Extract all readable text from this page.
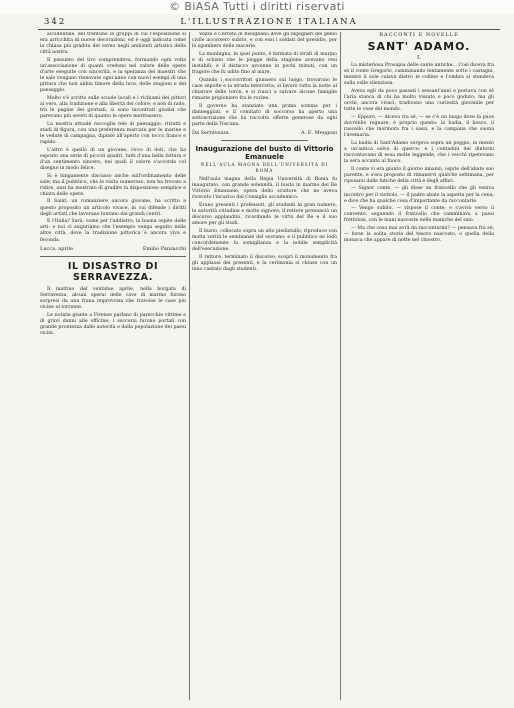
© BiASA Tutti i diritti riservati
342	L'ILLUSTRAZIONE ITALIANA

accidentale, del trentuno in gruppi in cui l'esposizione si era arricchita di nuove decorazioni, ed è oggi indicata come la chiusa più gradita del verno negli ambienti artistici della città nostra.

Il pensiero del tiro comprendeva, formando ogni volta un'associazione di quanti credono nel valore delle opere d'arte eseguite con sincerità, e la speranza dei maestri che le sale vengano rinnovate ogni anno con nuovi esempi di una pittura che non abbia timore della luce, delle stagioni e del paesaggio.

Molto s'è scritto sulle scuole locali e i richiami dei pittori al vero, alla tradizione e alla libertà del colore; e non di rado, tra le pagine dei giornali, si sono incontrati giudizi che parevano più severi di quanto le opere meritassero.

La mostra attuale raccoglie tele di paesaggio, ritratti e studi di figura, con una preferenza marcata per le marine e le vedute di campagna, dipinte all'aperto con tocco franco e rapido.

L'altro è quello di un giovane, ricco di doti, che ha esposto una serie di piccoli quadri, tutti d'una bella fattura e d'un sentimento sincero, nei quali il colore s'accorda col disegno in modo felice.

Si è lungamente discusso anche sull'ordinamento delle sale; ma il pubblico, che le visita numeroso, non ha trovato a ridire, anzi ha mostrato di gradire la disposizione semplice e chiara delle opere.

Il Saint, un romanziere ancora giovane, ha scritto a questo proposito un articolo vivace, in cui difende i diritti degli artisti che lavorano lontano dai grandi centri.

E l'Italia? Sarà, come per l'addietro, la buona ospite delle arti: e noi ci auguriamo che l'esempio venga seguito nelle altre città, dove la tradizione pittorica è ancora viva e feconda.

Lucca, aprile	Emilio Panzacchi
IL DISASTRO DI SERRAVEZZA.

Il mattino del ventidue aprile, nella borgata di Serravezza, alcuni operai delle cave di marmo furono sorpresi da una frana improvvisa che travolse le case più vicine al torrente.

Le notizie giunte a Firenze parlano di parecchie vittime e di gravi danni alle officine; i soccorsi furono portati con grande prontezza dalle autorità e dalla popolazione dei paesi vicini.

Vezza e Cerreto di Bisognano dove gli ingegneri del genio civile accorsero subito, e con essi i soldati del presidio, per lo sgombero delle macerie.

La montagna, in quel punto, è formata di strati di marmo e di schisto che le piogge della stagione avevano resi instabili; e il distacco avvenne in pochi minuti, con un fragore che fu udito fino al mare.

Quando i soccorritori giunsero sul luogo, trovarono le case sepolte e la strada interrotta; si lavorò tutta la notte al chiarore delle torce, e si riuscì a salvare alcune famiglie rimaste prigioniere fra le rovine.

Il governo ha stanziato una prima somma per i danneggiati, e il comitato di soccorso ha aperto una sottoscrizione che ha raccolto offerte generose da ogni parte della Toscana.

Da Serravezza	A. E. Mengoni
Inaugurazione del busto di Vittorio Emanuele
NELL'AULA MAGNA DELL'UNIVERSITÀ DI ROMA

Nell'aula magna della Regia Università di Roma fu inaugurato, con grande solennità, il busto in marmo del Re Vittorio Emanuele, opera dello scultore che ne aveva ricevuto l'incarico dal Consiglio accademico.

Erano presenti i professori, gli studenti in gran numero, le autorità cittadine e molte signore; il rettore pronunciò un discorso applaudito, ricordando le virtù del Re e il suo amore per gli studi.

Il busto, collocato sopra un alto piedistallo, riproduce con molta verità le sembianze del sovrano; e il pubblico ne lodò concordemente la somiglianza e la nobile semplicità dell'esecuzione.

Il rettore, terminato il discorso, scoprì il monumento fra gli applausi dei presenti, e la cerimonia si chiuse con un inno cantato dagli studenti.

RACCONTI E NOVELLE
SANT' ADAMO.
I.

La misteriosa Prosapia delle sante antiche... Così diceva fra sé il conte Gregorio, camminando lentamente sotto i castagni, mentre il sole calava dietro le colline e l'ombra si stendeva sulla valle silenziosa.

Aveva egli da poco passati i sessant'anni e portava con sé l'aria stanca di chi ha molto vissuto e poco goduto; ma gli occhi, ancora vivaci, tradivano una curiosità giovanile per tutte le cose del mondo.

— Eppure, — diceva tra sé, — se c'è un luogo dove la pace dovrebbe regnare, è proprio questo: la badia, il bosco, il ruscello che mormora fra i sassi, e la campana che suona l'avemaria.

La badia di Sant'Adamo sorgeva sopra un poggio, in mezzo a un'antica selva di querce; e i contadini dei dintorni raccontavano di essa molte leggende, che i vecchi ripetevano la sera accanto al fuoco.

Il conte vi era giunto il giorno innanzi, ospite dell'abate suo parente, e s'era proposto di rimanervi qualche settimana, per riposarsi dalle fatiche della città e degli affari.

— Signor conte, — gli disse un fraticello che gli veniva incontro per il viottolo, — il padre abate la aspetta per la cena; e dice che ha qualche cosa d'importante da raccontarle.

— Vengo subito, — rispose il conte; e s'avviò verso il convento, seguendo il fraticello che camminava a passi frettolosi, con le mani nascoste nelle maniche del saio.

— Ma che cosa mai avrà da raccontarmi? — pensava fra sé; — forse la solita storia del tesoro nascosto, o quella della monaca che appare di notte nel chiostro.
